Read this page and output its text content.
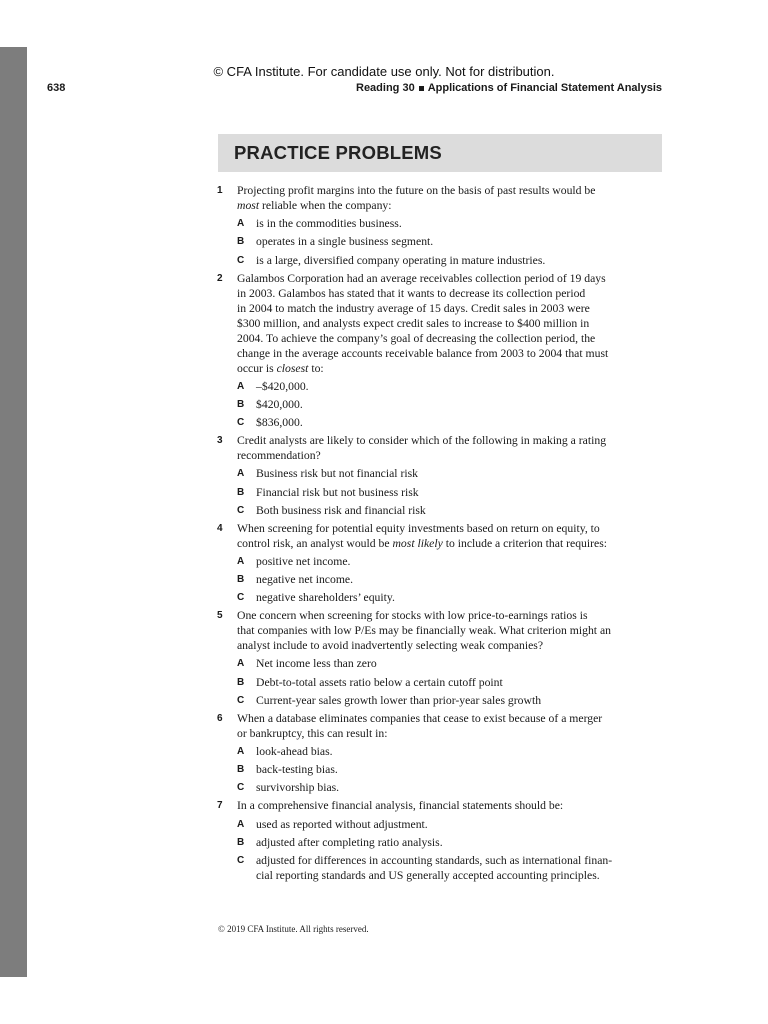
© CFA Institute. For candidate use only. Not for distribution.
638	Reading 30 Applications of Financial Statement Analysis
PRACTICE PROBLEMS
1 Projecting profit margins into the future on the basis of past results would be
most reliable when the company:
A is in the commodities business.
B operates in a single business segment.
C is a large, diversified company operating in mature industries.
2 Galambos Corporation had an average receivables collection period of 19 days
in 2003. Galambos has stated that it wants to decrease its collection period
in 2004 to match the industry average of 15 days. Credit sales in 2003 were
$300 million, and analysts expect credit sales to increase to $400 million in
2004. To achieve the company’s goal of decreasing the collection period, the
change in the average accounts receivable balance from 2003 to 2004 that must
occur is closest to:
A –$420,000.
B $420,000.
C $836,000.
3 Credit analysts are likely to consider which of the following in making a rating
recommendation?
A Business risk but not financial risk
B Financial risk but not business risk
C Both business risk and financial risk
4 When screening for potential equity investments based on return on equity, to
control risk, an analyst would be most likely to include a criterion that requires:
A positive net income.
B negative net income.
C negative shareholders’ equity.
5 One concern when screening for stocks with low price-to-earnings ratios is
that companies with low P/Es may be financially weak. What criterion might an
analyst include to avoid inadvertently selecting weak companies?
A Net income less than zero
B Debt-to-total assets ratio below a certain cutoff point
C Current-year sales growth lower than prior-year sales growth
6 When a database eliminates companies that cease to exist because of a merger
or bankruptcy, this can result in:
A look-ahead bias.
B back-testing bias.
C survivorship bias.
7 In a comprehensive financial analysis, financial statements should be:
A used as reported without adjustment.
B adjusted after completing ratio analysis.
C adjusted for differences in accounting standards, such as international finan-
cial reporting standards and US generally accepted accounting principles.
© 2019 CFA Institute. All rights reserved.
